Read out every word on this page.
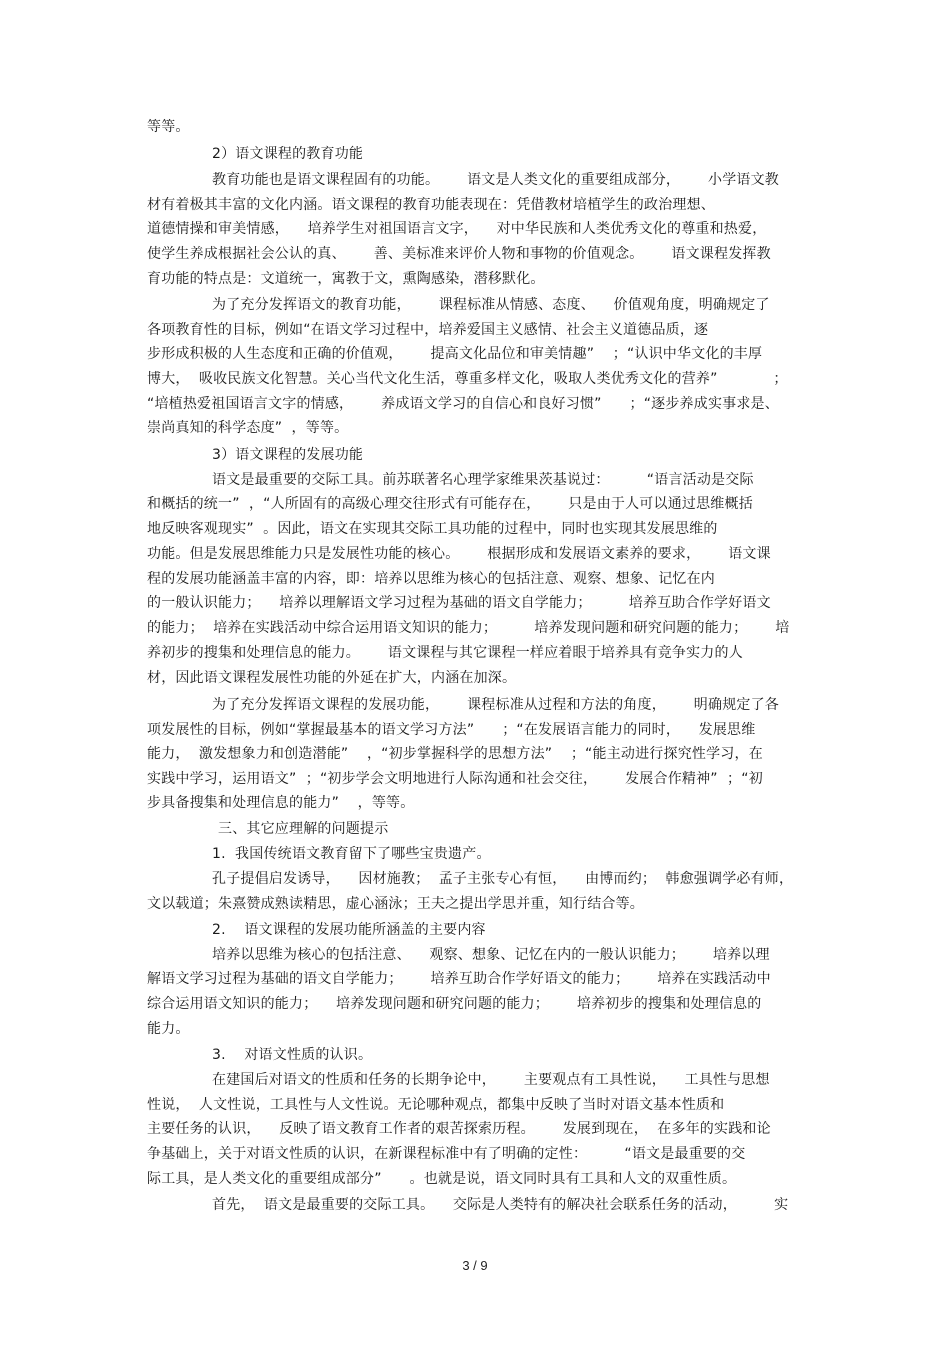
等等。
2）语文课程的教育功能
教育功能也是语文课程固有的功能。      语文是人类文化的重要组成部分，      小学语文教
材有着极其丰富的文化内涵。语文课程的教育功能表现在：凭借教材培植学生的政治理想、
道德情操和审美情感，    培养学生对祖国语言文字，    对中华民族和人类优秀文化的尊重和热爱，
使学生养成根据社会公认的真、      善、美标准来评价人物和事物的价值观念。      语文课程发挥教
育功能的特点是：文道统一，寓教于文，熏陶感染，潜移默化。
为了充分发挥语文的教育功能，      课程标准从情感、态度、    价值观角度，明确规定了
各项教育性的目标，例如“在语文学习过程中，培养爱国主义感情、社会主义道德品质，逐
步形成积极的人生态度和正确的价值观，      提高文化品位和审美情趣”    ；“认识中华文化的丰厚
博大，  吸收民族文化智慧。关心当代文化生活，尊重多样文化，吸取人类优秀文化的营养”            ；
“培植热爱祖国语言文字的情感，      养成语文学习的自信心和良好习惯”      ；“逐步养成实事求是、
崇尚真知的科学态度”  ，等等。
3）语文课程的发展功能
语文是最重要的交际工具。前苏联著名心理学家维果茨基说过：        “语言活动是交际
和概括的统一”  ，“人所固有的高级心理交往形式有可能存在，      只是由于人可以通过思维概括
地反映客观现实”  。因此，语文在实现其交际工具功能的过程中，同时也实现其发展思维的
功能。但是发展思维能力只是发展性功能的核心。      根据形成和发展语文素养的要求，      语文课
程的发展功能涵盖丰富的内容，即：培养以思维为核心的包括注意、观察、想象、记忆在内
的一般认识能力；    培养以理解语文学习过程为基础的语文自学能力；        培养互助合作学好语文
的能力；  培养在实践活动中综合运用语文知识的能力；        培养发现问题和研究问题的能力；      培
养初步的搜集和处理信息的能力。      语文课程与其它课程一样应着眼于培养具有竞争实力的人
材，因此语文课程发展性功能的外延在扩大，内涵在加深。
为了充分发挥语文课程的发展功能，      课程标准从过程和方法的角度，      明确规定了各
项发展性的目标，例如“掌握最基本的语文学习方法”      ；“在发展语言能力的同时，    发展思维
能力，  激发想象力和创造潜能”    ，“初步掌握科学的思想方法”    ；“能主动进行探究性学习，在
实践中学习，运用语文”  ；“初步学会文明地进行人际沟通和社会交往，      发展合作精神”  ；“初
步具备搜集和处理信息的能力”    ，等等。
三、其它应理解的问题提示
1.  我国传统语文教育留下了哪些宝贵遗产。
孔子提倡启发诱导，    因材施教；  孟子主张专心有恒，    由博而约；  韩愈强调学必有师，
文以载道；朱熹赞成熟读精思，虚心涵泳；王夫之提出学思并重，知行结合等。
2.    语文课程的发展功能所涵盖的主要内容
培养以思维为核心的包括注意、    观察、想象、记忆在内的一般认识能力；      培养以理
解语文学习过程为基础的语文自学能力；      培养互助合作学好语文的能力；      培养在实践活动中
综合运用语文知识的能力；    培养发现问题和研究问题的能力；      培养初步的搜集和处理信息的
能力。
3.    对语文性质的认识。
在建国后对语文的性质和任务的长期争论中，      主要观点有工具性说，    工具性与思想
性说，  人文性说，工具性与人文性说。无论哪种观点，都集中反映了当时对语文基本性质和
主要任务的认识，    反映了语文教育工作者的艰苦探索历程。      发展到现在，  在多年的实践和论
争基础上，关于对语文性质的认识，在新课程标准中有了明确的定性：        “语文是最重要的交
际工具，是人类文化的重要组成部分”      。也就是说，语文同时具有工具和人文的双重性质。
首先，  语文是最重要的交际工具。    交际是人类特有的解决社会联系任务的活动，        实
3 / 9
